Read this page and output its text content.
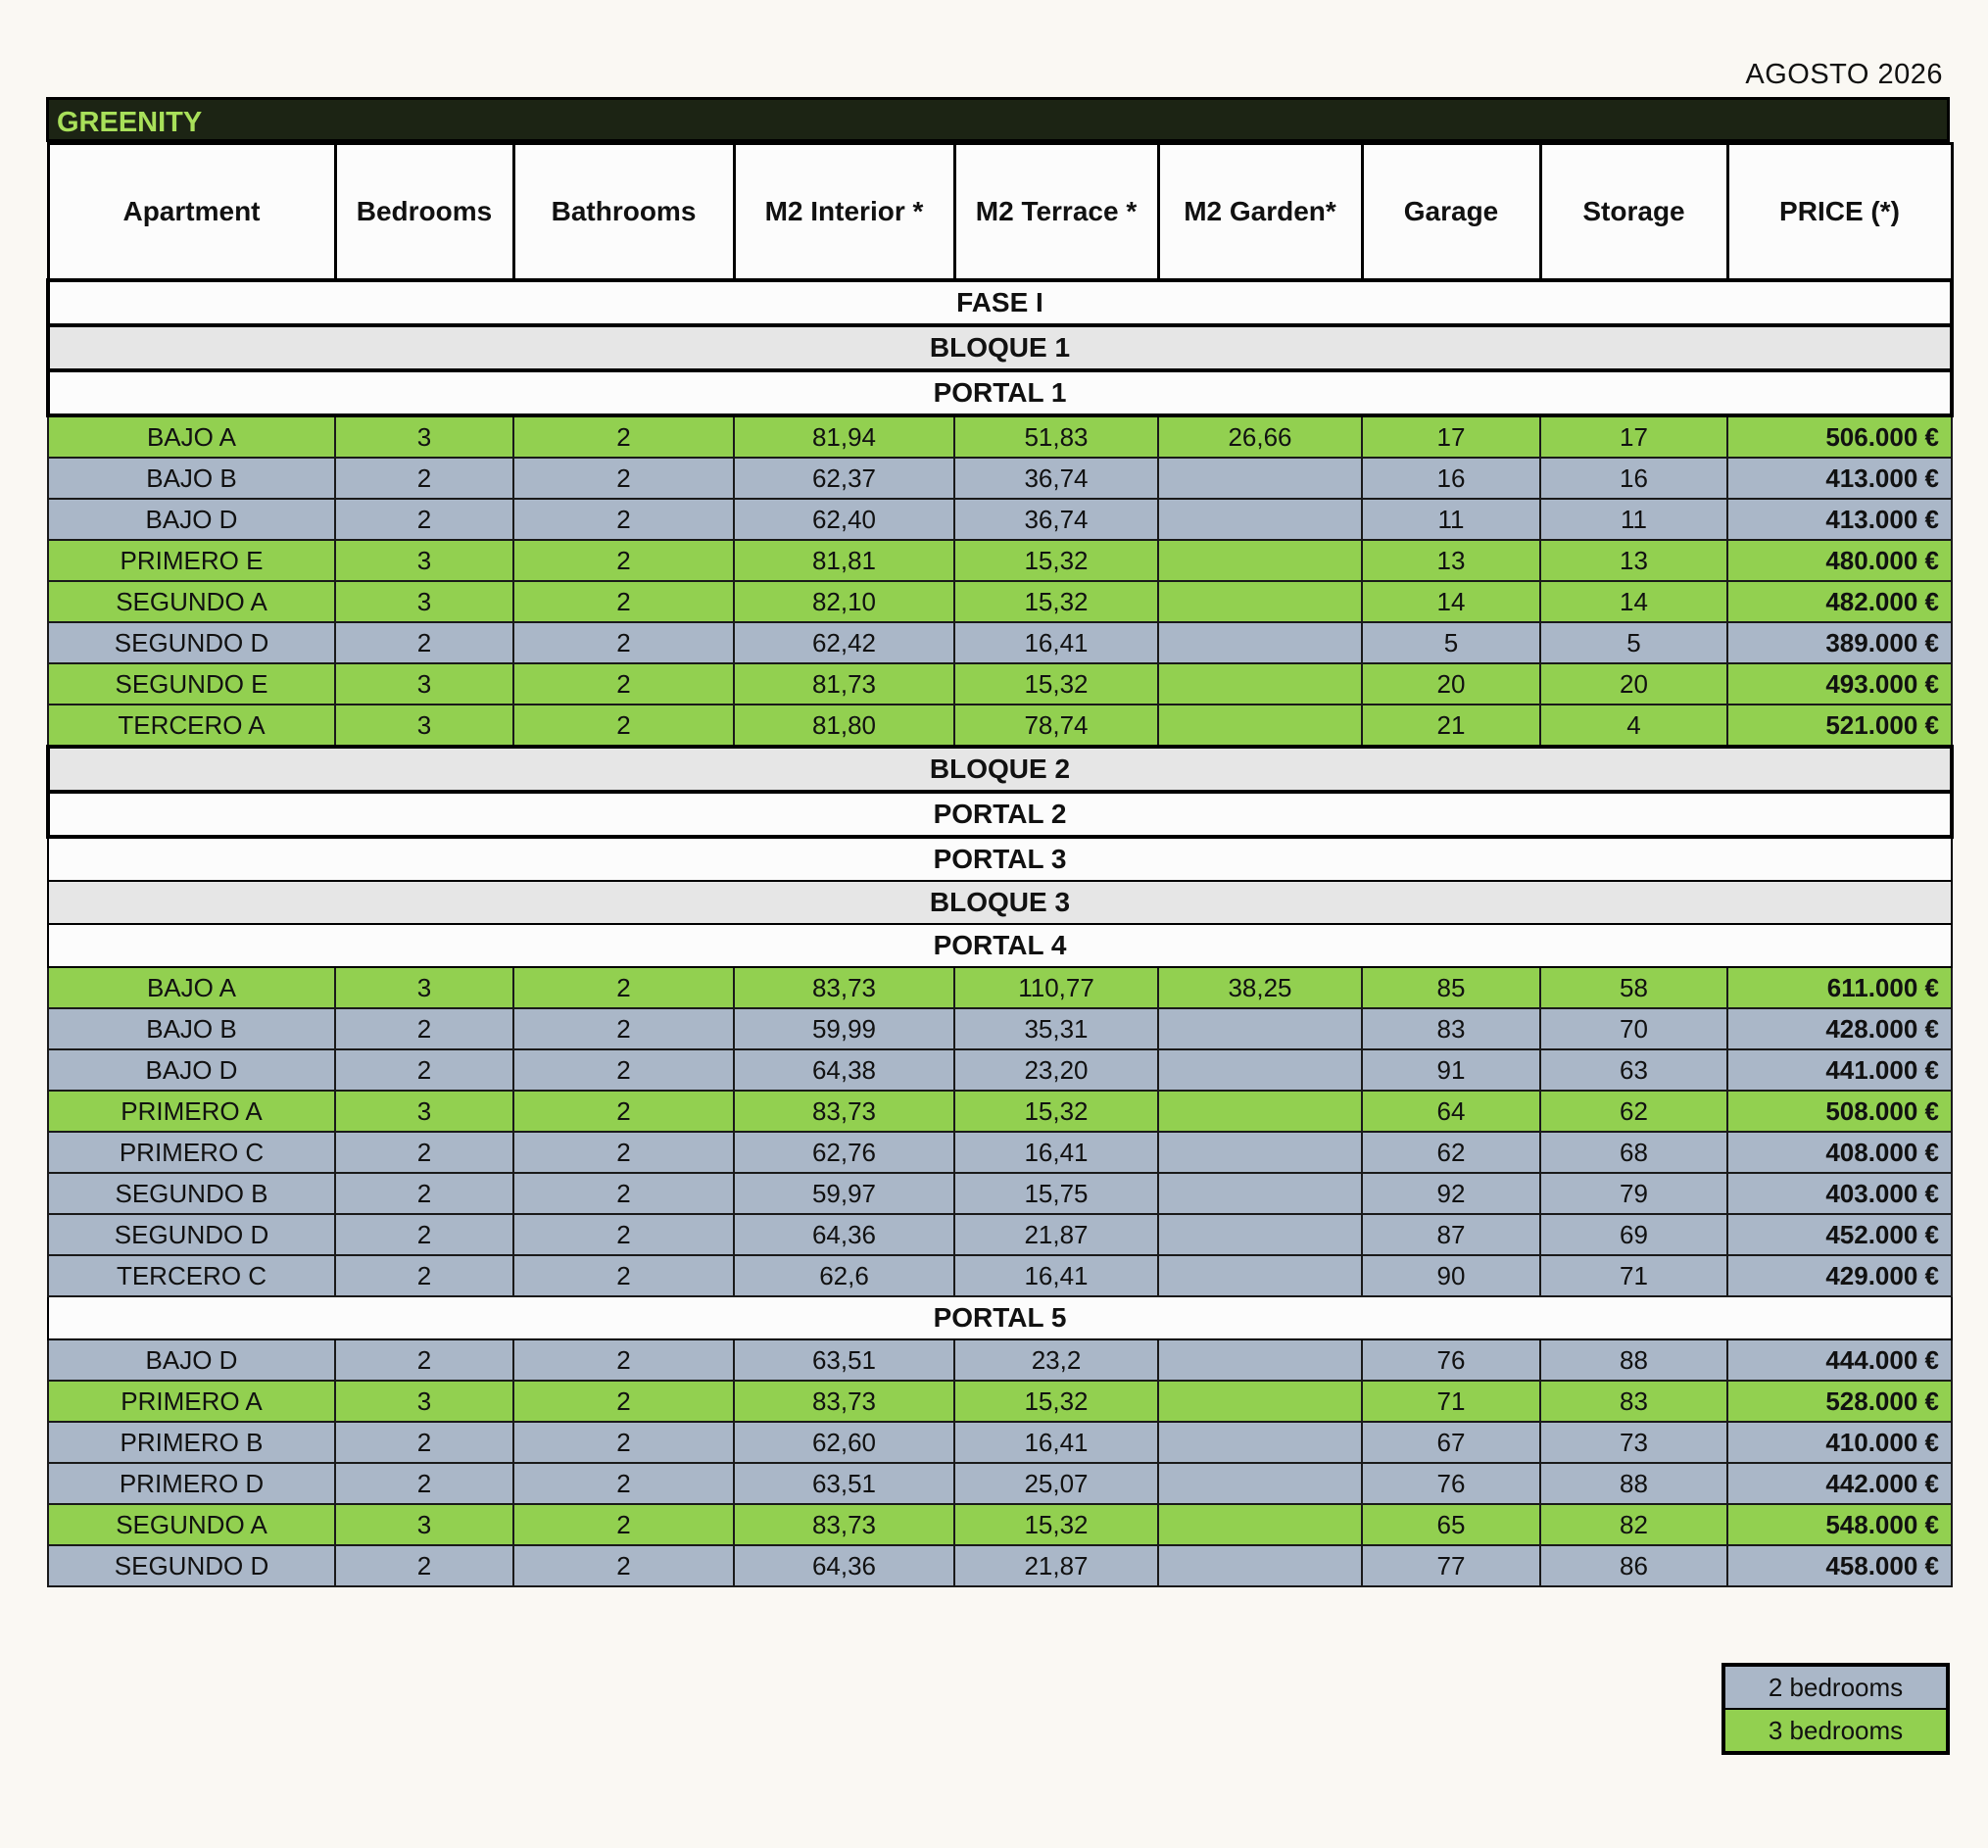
AGOSTO 2026
GREENITY
Apartment	Bedrooms	Bathrooms	M2 Interior *	M2 Terrace *	M2 Garden*	Garage	Storage	PRICE (*)
FASE I								
BLOQUE 1								
PORTAL 1								
BAJO A	3	2	81,94	51,83	26,66	17	17	506.000 €
BAJO B	2	2	62,37	36,74		16	16	413.000 €
BAJO D	2	2	62,40	36,74		11	11	413.000 €
PRIMERO E	3	2	81,81	15,32		13	13	480.000 €
SEGUNDO A	3	2	82,10	15,32		14	14	482.000 €
SEGUNDO D	2	2	62,42	16,41		5	5	389.000 €
SEGUNDO E	3	2	81,73	15,32		20	20	493.000 €
TERCERO A	3	2	81,80	78,74		21	4	521.000 €
BLOQUE 2								
PORTAL 2								
PORTAL 3								
BLOQUE 3								
PORTAL 4								
BAJO A	3	2	83,73	110,77	38,25	85	58	611.000 €
BAJO B	2	2	59,99	35,31		83	70	428.000 €
BAJO D	2	2	64,38	23,20		91	63	441.000 €
PRIMERO A	3	2	83,73	15,32		64	62	508.000 €
PRIMERO C	2	2	62,76	16,41		62	68	408.000 €
SEGUNDO B	2	2	59,97	15,75		92	79	403.000 €
SEGUNDO D	2	2	64,36	21,87		87	69	452.000 €
TERCERO C	2	2	62,6	16,41		90	71	429.000 €
PORTAL 5								
BAJO D	2	2	63,51	23,2		76	88	444.000 €
PRIMERO A	3	2	83,73	15,32		71	83	528.000 €
PRIMERO B	2	2	62,60	16,41		67	73	410.000 €
PRIMERO D	2	2	63,51	25,07		76	88	442.000 €
SEGUNDO A	3	2	83,73	15,32		65	82	548.000 €
SEGUNDO D	2	2	64,36	21,87		77	86	458.000 €
2 bedrooms
3 bedrooms
